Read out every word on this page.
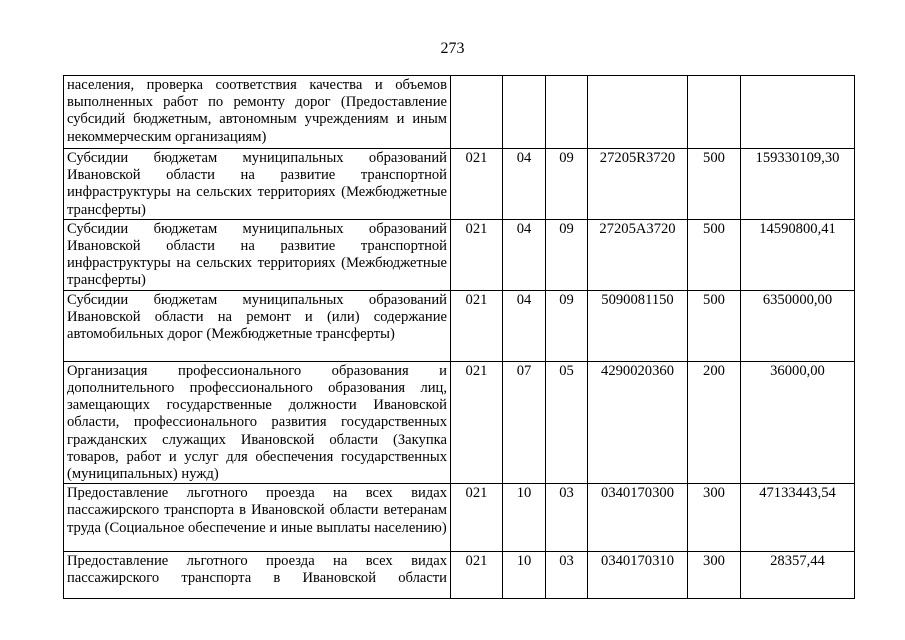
273
населения, проверка соответствия качества и объемов выполненных работ по ремонту дорог (Предоставление субсидий бюджетным, автономным учреждениям и иным некоммерческим организациям)						
Субсидии бюджетам муниципальных образований Ивановской области на развитие транспортной инфраструктуры на сельских территориях (Межбюджетные трансферты)	021	04	09	27205R3720	500	159330109,30
Субсидии бюджетам муниципальных образований Ивановской области на развитие транспортной инфраструктуры на сельских территориях (Межбюджетные трансферты)	021	04	09	27205A3720	500	14590800,41
Субсидии бюджетам муниципальных образований Ивановской области на ремонт и (или) содержание автомобильных дорог (Межбюджетные трансферты)	021	04	09	5090081150	500	6350000,00
Организация профессионального образования и дополнительного профессионального образования лиц, замещающих государственные должности Ивановской области, профессионального развития государственных гражданских служащих Ивановской области (Закупка товаров, работ и услуг для обеспечения государственных (муниципальных) нужд)	021	07	05	4290020360	200	36000,00
Предоставление льготного проезда на всех видах пассажирского транспорта в Ивановской области ветеранам труда (Социальное обеспечение и иные выплаты населению)	021	10	03	0340170300	300	47133443,54
Предоставление льготного проезда на всех видах пассажирского транспорта в Ивановской области	021	10	03	0340170310	300	28357,44
